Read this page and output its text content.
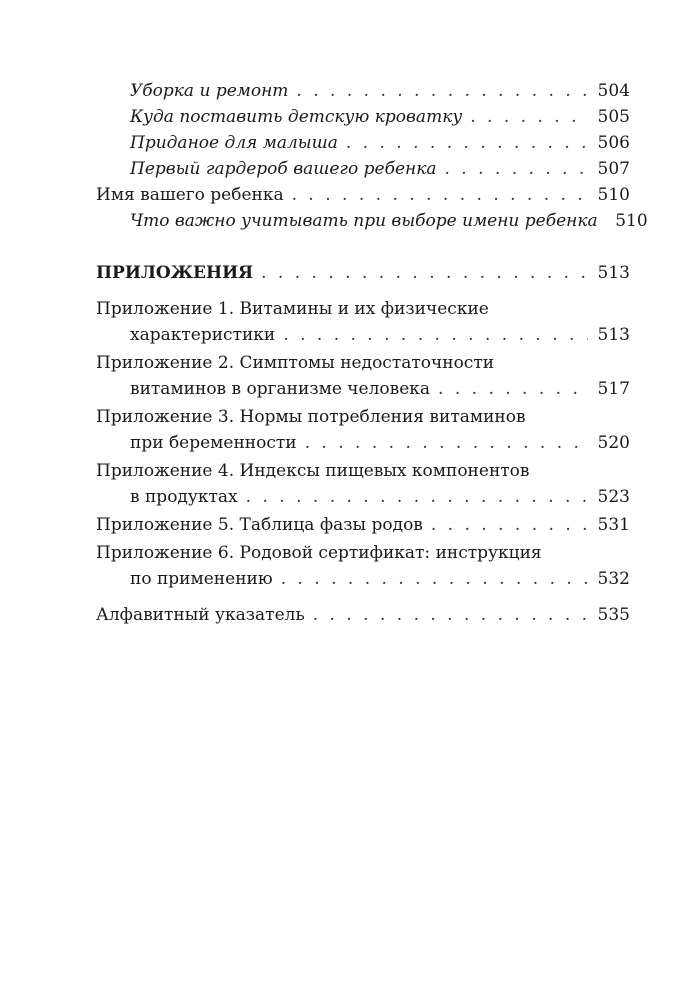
Уборка и ремонт . . .	504
Куда поставить детскую кроватку . . .	505
Приданое для малыша . . .	506
Первый гардероб вашего ребенка . . .	507
Имя вашего ребенка . . .	510
Что важно учитывать при выборе имени ребенка	510
ПРИЛОЖЕНИЯ . . .	513
Приложение 1. Витамины и их физические
характеристики . . .	513
Приложение 2. Симптомы недостаточности
витаминов в организме человека . . .	517
Приложение 3. Нормы потребления витаминов
при беременности . . .	520
Приложение 4. Индексы пищевых компонентов
в продуктах . . .	523
Приложение 5. Таблица фазы родов . . .	531
Приложение 6. Родовой сертификат: инструкция
по применению . . .	532
Алфавитный указатель . . .	535
